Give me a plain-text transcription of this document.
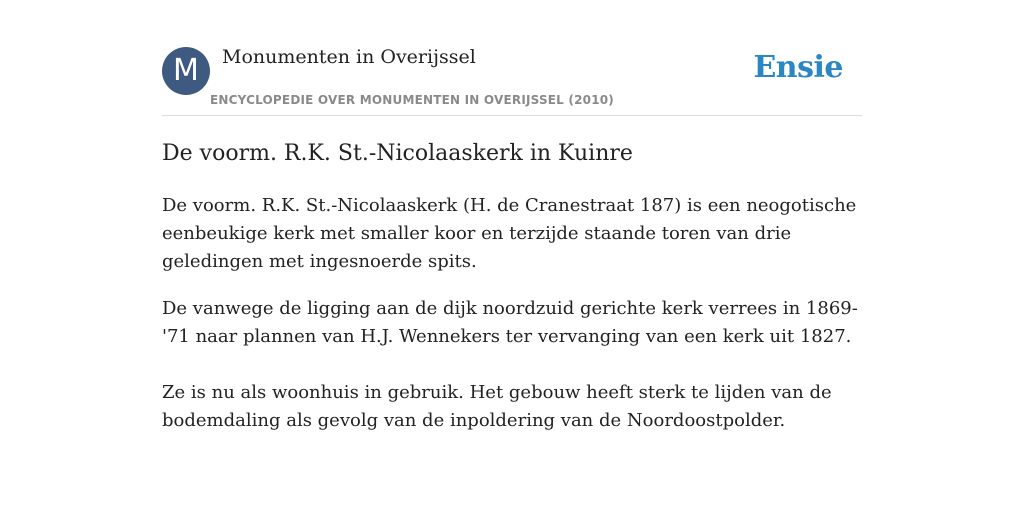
M	Monumenten in Overijssel
ENCYCLOPEDIE OVER MONUMENTEN IN OVERIJSSEL (2010)
Ensie
De voorm. R.K. St.-Nicolaaskerk in Kuinre

De voorm. R.K. St.-Nicolaaskerk (H. de Cranestraat 187) is een neogotische eenbeukige kerk met smaller koor en terzijde staande toren van drie geledingen met ingesnoerde spits.

De vanwege de ligging aan de dijk noordzuid gerichte kerk verrees in 1869-'71 naar plannen van H.J. Wennekers ter vervanging van een kerk uit 1827.

Ze is nu als woonhuis in gebruik. Het gebouw heeft sterk te lijden van de bodemdaling als gevolg van de inpoldering van de Noordoostpolder.
